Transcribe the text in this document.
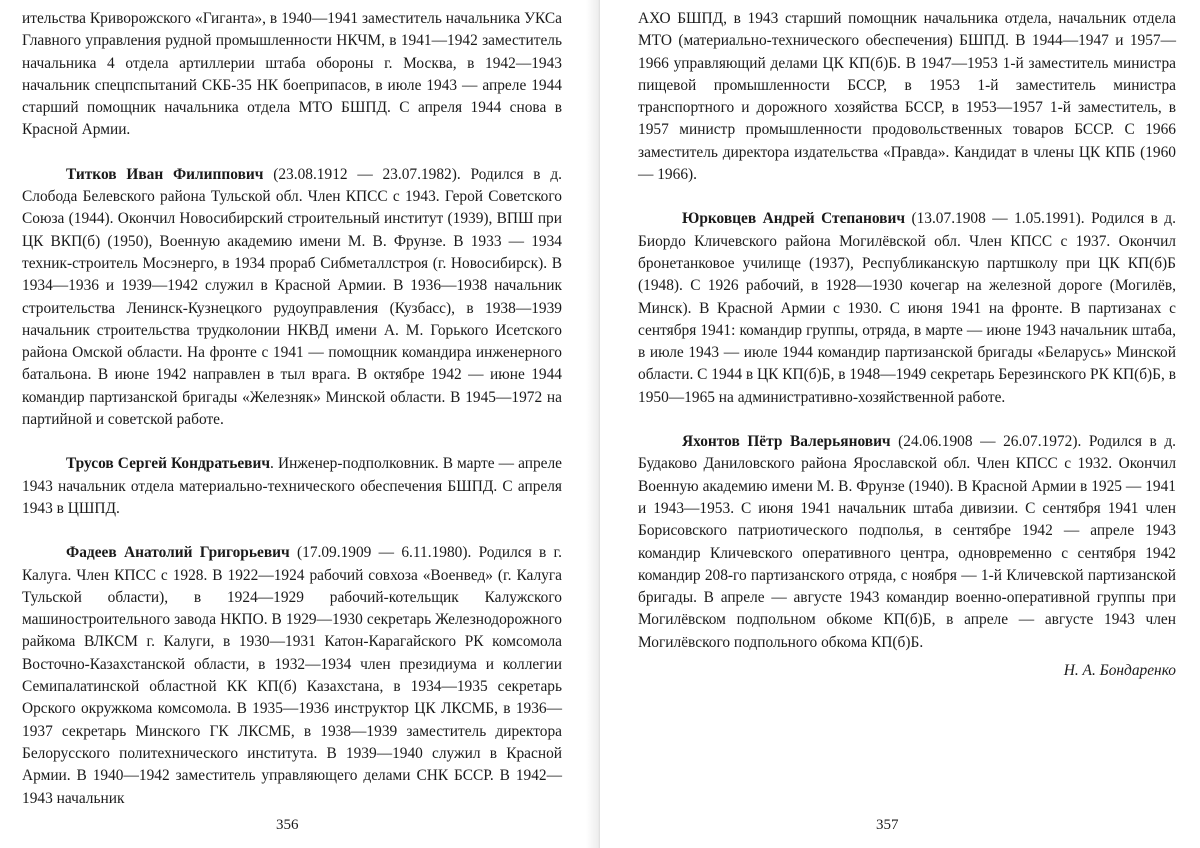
ительства Криворожского «Гиганта», в 1940—1941 заместитель начальника УКСа Главного управления рудной промышленности НКЧМ, в 1941—1942 заместитель начальника 4 отдела артиллерии штаба обороны г. Москва, в 1942—1943 начальник спецпспытаний СКБ-35 НК боеприпасов, в июле 1943 — апреле 1944 старший помощник начальника отдела МТО БШПД. С апреля 1944 снова в Красной Армии.

Титков Иван Филиппович (23.08.1912 — 23.07.1982). Родился в д. Слобода Белевского района Тульской обл. Член КПСС с 1943. Герой Советского Союза (1944). Окончил Новосибирский строительный институт (1939), ВПШ при ЦК ВКП(б) (1950), Военную академию имени М. В. Фрунзе. В 1933 — 1934 техник-строитель Мосэнерго, в 1934 прораб Сибметаллстроя (г. Новосибирск). В 1934—1936 и 1939—1942 служил в Красной Армии. В 1936—1938 начальник строительства Ленинск-Кузнецкого рудоуправления (Кузбасс), в 1938—1939 начальник строительства трудколонии НКВД имени А. М. Горького Исетского района Омской области. На фронте с 1941 — помощник командира инженерного батальона. В июне 1942 направлен в тыл врага. В октябре 1942 — июне 1944 командир партизанской бригады «Железняк» Минской области. В 1945—1972 на партийной и советской работе.

Трусов Сергей Кондратьевич. Инженер-подполковник. В марте — апреле 1943 начальник отдела материально-технического обеспечения БШПД. С апреля 1943 в ЦШПД.

Фадеев Анатолий Григорьевич (17.09.1909 — 6.11.1980). Родился в г. Калуга. Член КПСС с 1928. В 1922—1924 рабочий совхоза «Военвед» (г. Калуга Тульской области), в 1924—1929 рабочий-котельщик Калужского машиностроительного завода НКПО. В 1929—1930 секретарь Железнодорожного райкома ВЛКСМ г. Калуги, в 1930—1931 Катон-Карагайского РК комсомола Восточно-Казахстанской области, в 1932—1934 член президиума и коллегии Семипалатинской областной КК КП(б) Казахстана, в 1934—1935 секретарь Орского окружкома комсомола. В 1935—1936 инструктор ЦК ЛКСМБ, в 1936—1937 секретарь Минского ГК ЛКСМБ, в 1938—1939 заместитель директора Белорусского политехнического института. В 1939—1940 служил в Красной Армии. В 1940—1942 заместитель управляющего делами СНК БССР. В 1942—1943 начальник

356

АХО БШПД, в 1943 старший помощник начальника отдела, начальник отдела МТО (материально-технического обеспечения) БШПД. В 1944—1947 и 1957—1966 управляющий делами ЦК КП(б)Б. В 1947—1953 1-й заместитель министра пищевой промышленности БССР, в 1953 1-й заместитель министра транспортного и дорожного хозяйства БССР, в 1953—1957 1-й заместитель, в 1957 министр промышленности продовольственных товаров БССР. С 1966 заместитель директора издательства «Правда». Кандидат в члены ЦК КПБ (1960 — 1966).

Юрковцев Андрей Степанович (13.07.1908 — 1.05.1991). Родился в д. Биордо Кличевского района Могилёвской обл. Член КПСС с 1937. Окончил бронетанковое училище (1937), Республиканскую партшколу при ЦК КП(б)Б (1948). С 1926 рабочий, в 1928—1930 кочегар на железной дороге (Могилёв, Минск). В Красной Армии с 1930. С июня 1941 на фронте. В партизанах с сентября 1941: командир группы, отряда, в марте — июне 1943 начальник штаба, в июле 1943 — июле 1944 командир партизанской бригады «Беларусь» Минской области. С 1944 в ЦК КП(б)Б, в 1948—1949 секретарь Березинского РК КП(б)Б, в 1950—1965 на административно-хозяйственной работе.

Яхонтов Пётр Валерьянович (24.06.1908 — 26.07.1972). Родился в д. Будаково Даниловского района Ярославской обл. Член КПСС с 1932. Окончил Военную академию имени М. В. Фрунзе (1940). В Красной Армии в 1925 — 1941 и 1943—1953. С июня 1941 начальник штаба дивизии. С сентября 1941 член Борисовского патриотического подполья, в сентябре 1942 — апреле 1943 командир Кличевского оперативного центра, одновременно с сентября 1942 командир 208-го партизанского отряда, с ноября — 1-й Кличевской партизанской бригады. В апреле — августе 1943 командир военно-оперативной группы при Могилёвском подпольном обкоме КП(б)Б, в апреле — августе 1943 член Могилёвского подпольного обкома КП(б)Б.

Н. А. Бондаренко

357
